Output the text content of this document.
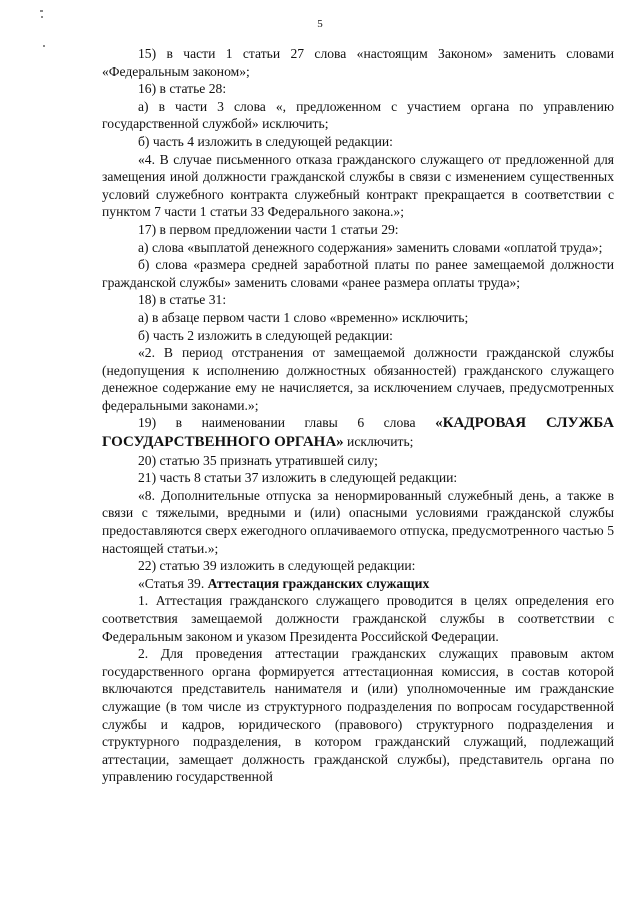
5

15) в части 1 статьи 27 слова «настоящим Законом» заменить словами «Федеральным законом»;

16) в статье 28:

а) в части 3 слова «, предложенном с участием органа по управлению государственной службой» исключить;

б) часть 4 изложить в следующей редакции:

«4. В случае письменного отказа гражданского служащего от предложенной для замещения иной должности гражданской службы в связи с изменением существенных условий служебного контракта служебный контракт прекращается в соответствии с пунктом 7 части 1 статьи 33 Федерального закона.»;

17) в первом предложении части 1 статьи 29:

а) слова «выплатой денежного содержания» заменить словами «оплатой труда»;

б) слова «размера средней заработной платы по ранее замещаемой должности гражданской службы» заменить словами «ранее размера оплаты труда»;

18) в статье 31:

а) в абзаце первом части 1 слово «временно» исключить;

б) часть 2 изложить в следующей редакции:

«2. В период отстранения от замещаемой должности гражданской службы (недопущения к исполнению должностных обязанностей) гражданского служащего денежное содержание ему не начисляется, за исключением случаев, предусмотренных федеральными законами.»;

19) в наименовании главы 6 слова «КАДРОВАЯ СЛУЖБА ГОСУДАРСТВЕННОГО ОРГАНА» исключить;

20) статью 35 признать утратившей силу;

21) часть 8 статьи 37 изложить в следующей редакции:

«8. Дополнительные отпуска за ненормированный служебный день, а также в связи с тяжелыми, вредными и (или) опасными условиями гражданской службы предоставляются сверх ежегодного оплачиваемого отпуска, предусмотренного частью 5 настоящей статьи.»;

22) статью 39 изложить в следующей редакции:

«Статья 39. Аттестация гражданских служащих

1. Аттестация гражданского служащего проводится в целях определения его соответствия замещаемой должности гражданской службы в соответствии с Федеральным законом и указом Президента Российской Федерации.

2. Для проведения аттестации гражданских служащих правовым актом государственного органа формируется аттестационная комиссия, в состав которой включаются представитель нанимателя и (или) уполномоченные им гражданские служащие (в том числе из структурного подразделения по вопросам государственной службы и кадров, юридического (правового) структурного подразделения и структурного подразделения, в котором гражданский служащий, подлежащий аттестации, замещает должность гражданской службы), представитель органа по управлению государственной
